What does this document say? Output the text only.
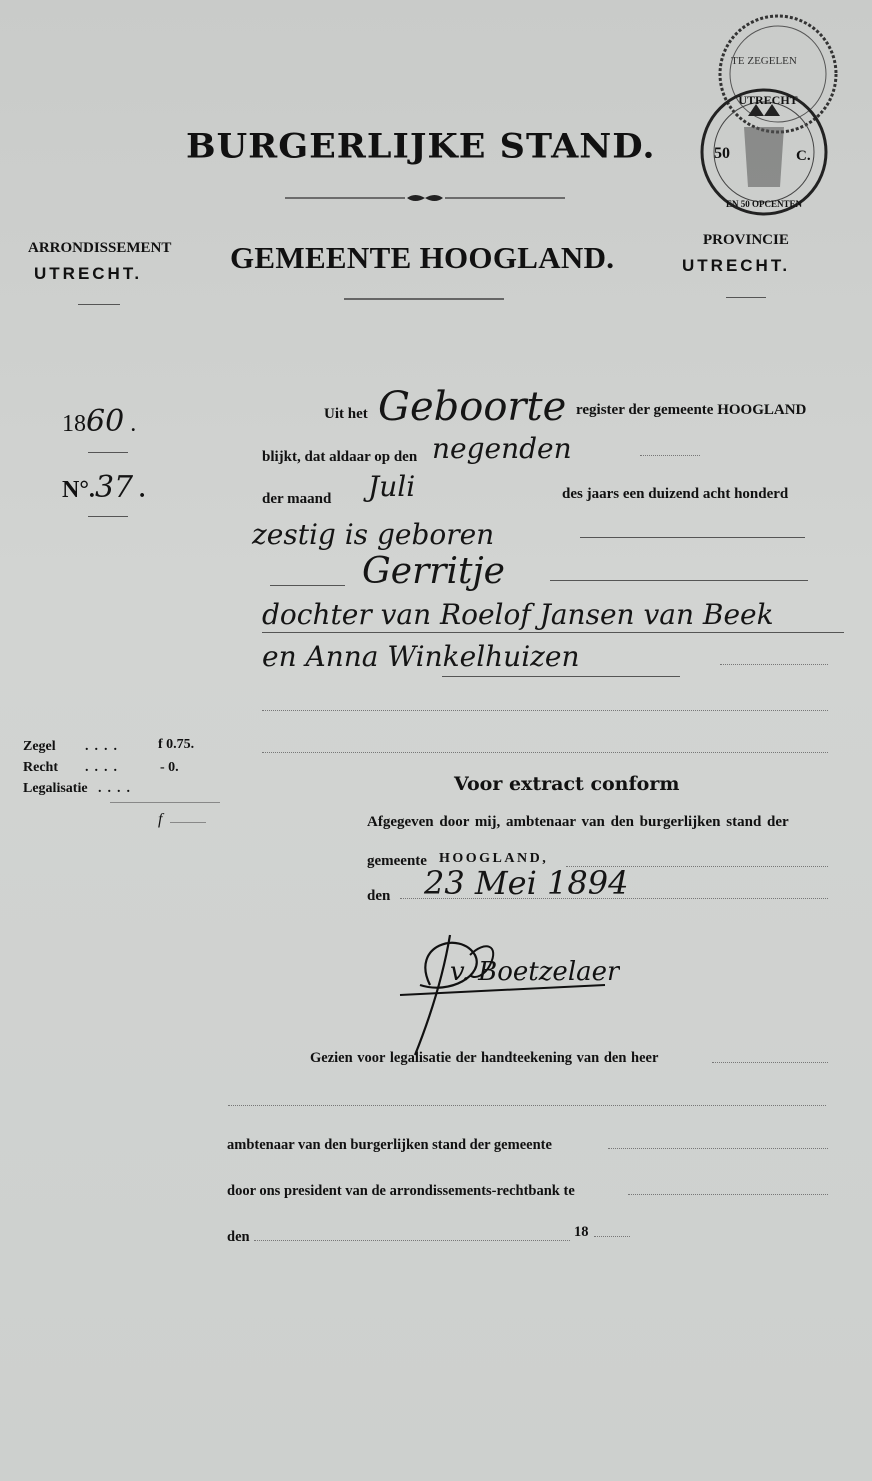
BURGERLIJKE STAND.
TE ZEGELEN
UTRECHT
50	C.
EN 50 OPCENTEN
ARRONDISSEMENT
UTRECHT.	GEMEENTE HOOGLAND.	PROVINCIE
UTRECHT.
1860 .
N°.37 .
Uit het Geboorte register der gemeente HOOGLAND
blijkt, dat aldaar op den negenden
der maand Juli	des jaars een duizend acht honderd
zestig is geboren
Gerritje
dochter van Roelof Jansen van Beek
en Anna Winkelhuizen
Zegel ....	f 0.75.
Recht ....	- 0.
Legalisatie ....
f
Voor extract conform
Afgegeven door mij, ambtenaar van den burgerlijken stand der
gemeente HOOGLAND,
den 23 Mei 1894
v. Boetzelaer
Gezien voor legalisatie der handteekening van den heer
ambtenaar van den burgerlijken stand der gemeente
door ons president van de arrondissements-rechtbank te
den	18
